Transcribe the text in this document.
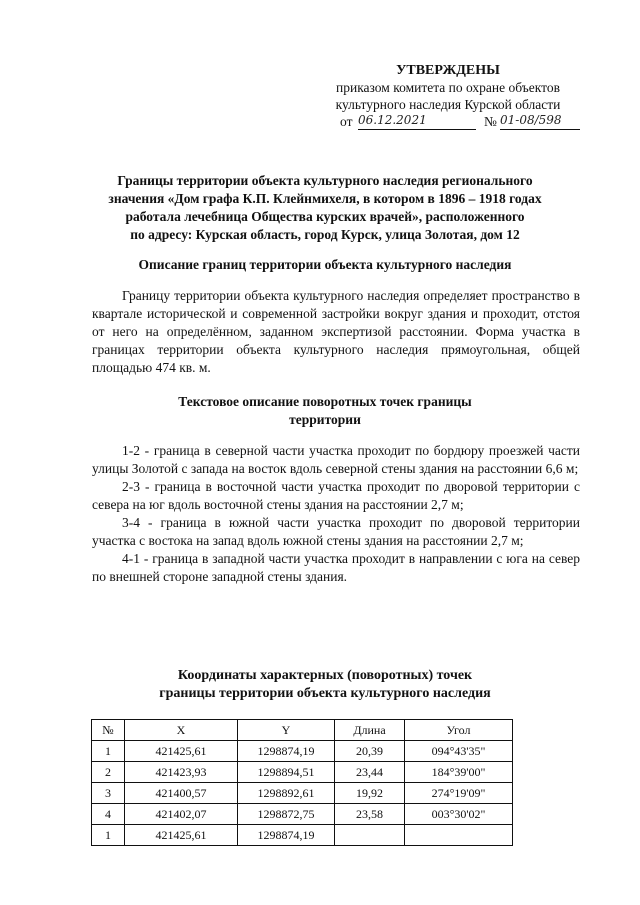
УТВЕРЖДЕНЫ
приказом комитета по охране объектов
культурного наследия Курской области
от 06.12.2021	№ 01-08/598
Границы территории объекта культурного наследия регионального
значения «Дом графа К.П. Клейнмихеля, в котором в 1896 – 1918 годах
работала лечебница Общества курских врачей», расположенного
по адресу: Курская область, город Курск, улица Золотая, дом 12
Описание границ территории объекта культурного наследия

Границу территории объекта культурного наследия определяет пространство в квартале исторической и современной застройки вокруг здания и проходит, отстоя от него на определённом, заданном экспертизой расстоянии. Форма участка в границах территории объекта культурного наследия прямоугольная, общей площадью 474 кв. м.

Текстовое описание поворотных точек границы
территории

1-2 - граница в северной части участка проходит по бордюру проезжей части улицы Золотой с запада на восток вдоль северной стены здания на расстоянии 6,6 м;

2-3 - граница в восточной части участка проходит по дворовой территории с севера на юг вдоль восточной стены здания на расстоянии 2,7 м;

3-4 - граница в южной части участка проходит по дворовой территории участка с востока на запад вдоль южной стены здания на расстоянии 2,7 м;

4-1 - граница в западной части участка проходит в направлении с юга на север по внешней стороне западной стены здания.

Координаты характерных (поворотных) точек
границы территории объекта культурного наследия
№	X	Y	Длина	Угол
1	421425,61	1298874,19	20,39	094°43'35"
2	421423,93	1298894,51	23,44	184°39'00"
3	421400,57	1298892,61	19,92	274°19'09"
4	421402,07	1298872,75	23,58	003°30'02"
1	421425,61	1298874,19		
